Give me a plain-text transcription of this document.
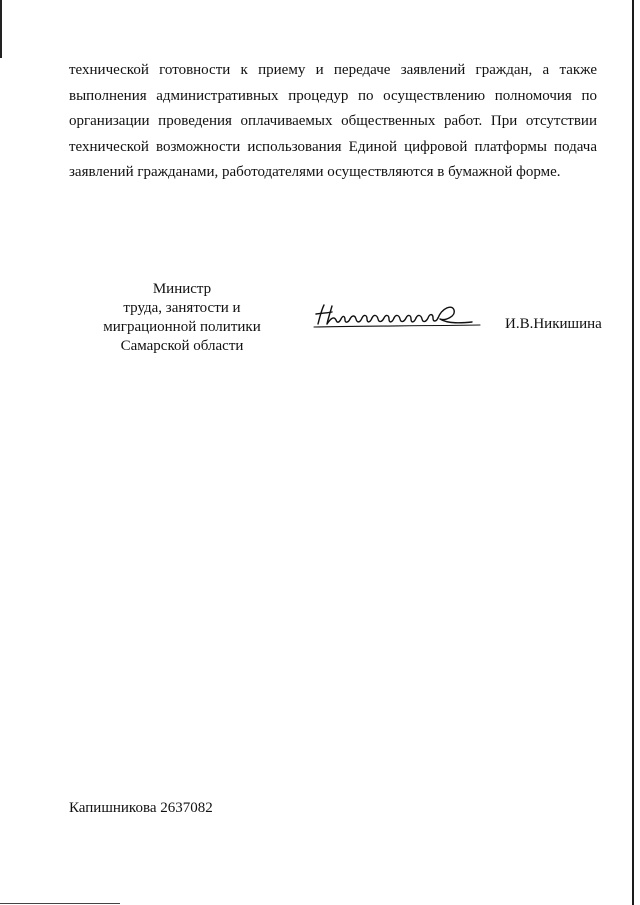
технической готовности к приему и передаче заявлений граждан, а также
выполнения административных процедур по осуществлению полномочия по
организации проведения оплачиваемых общественных работ. При отсутствии
технической возможности использования Единой цифровой платформы подача
заявлений гражданами, работодателями осуществляются в бумажной форме.
Министр
труда, занятости и
миграционной политики
Самарской области
И.В.Никишина
Капишникова 2637082
